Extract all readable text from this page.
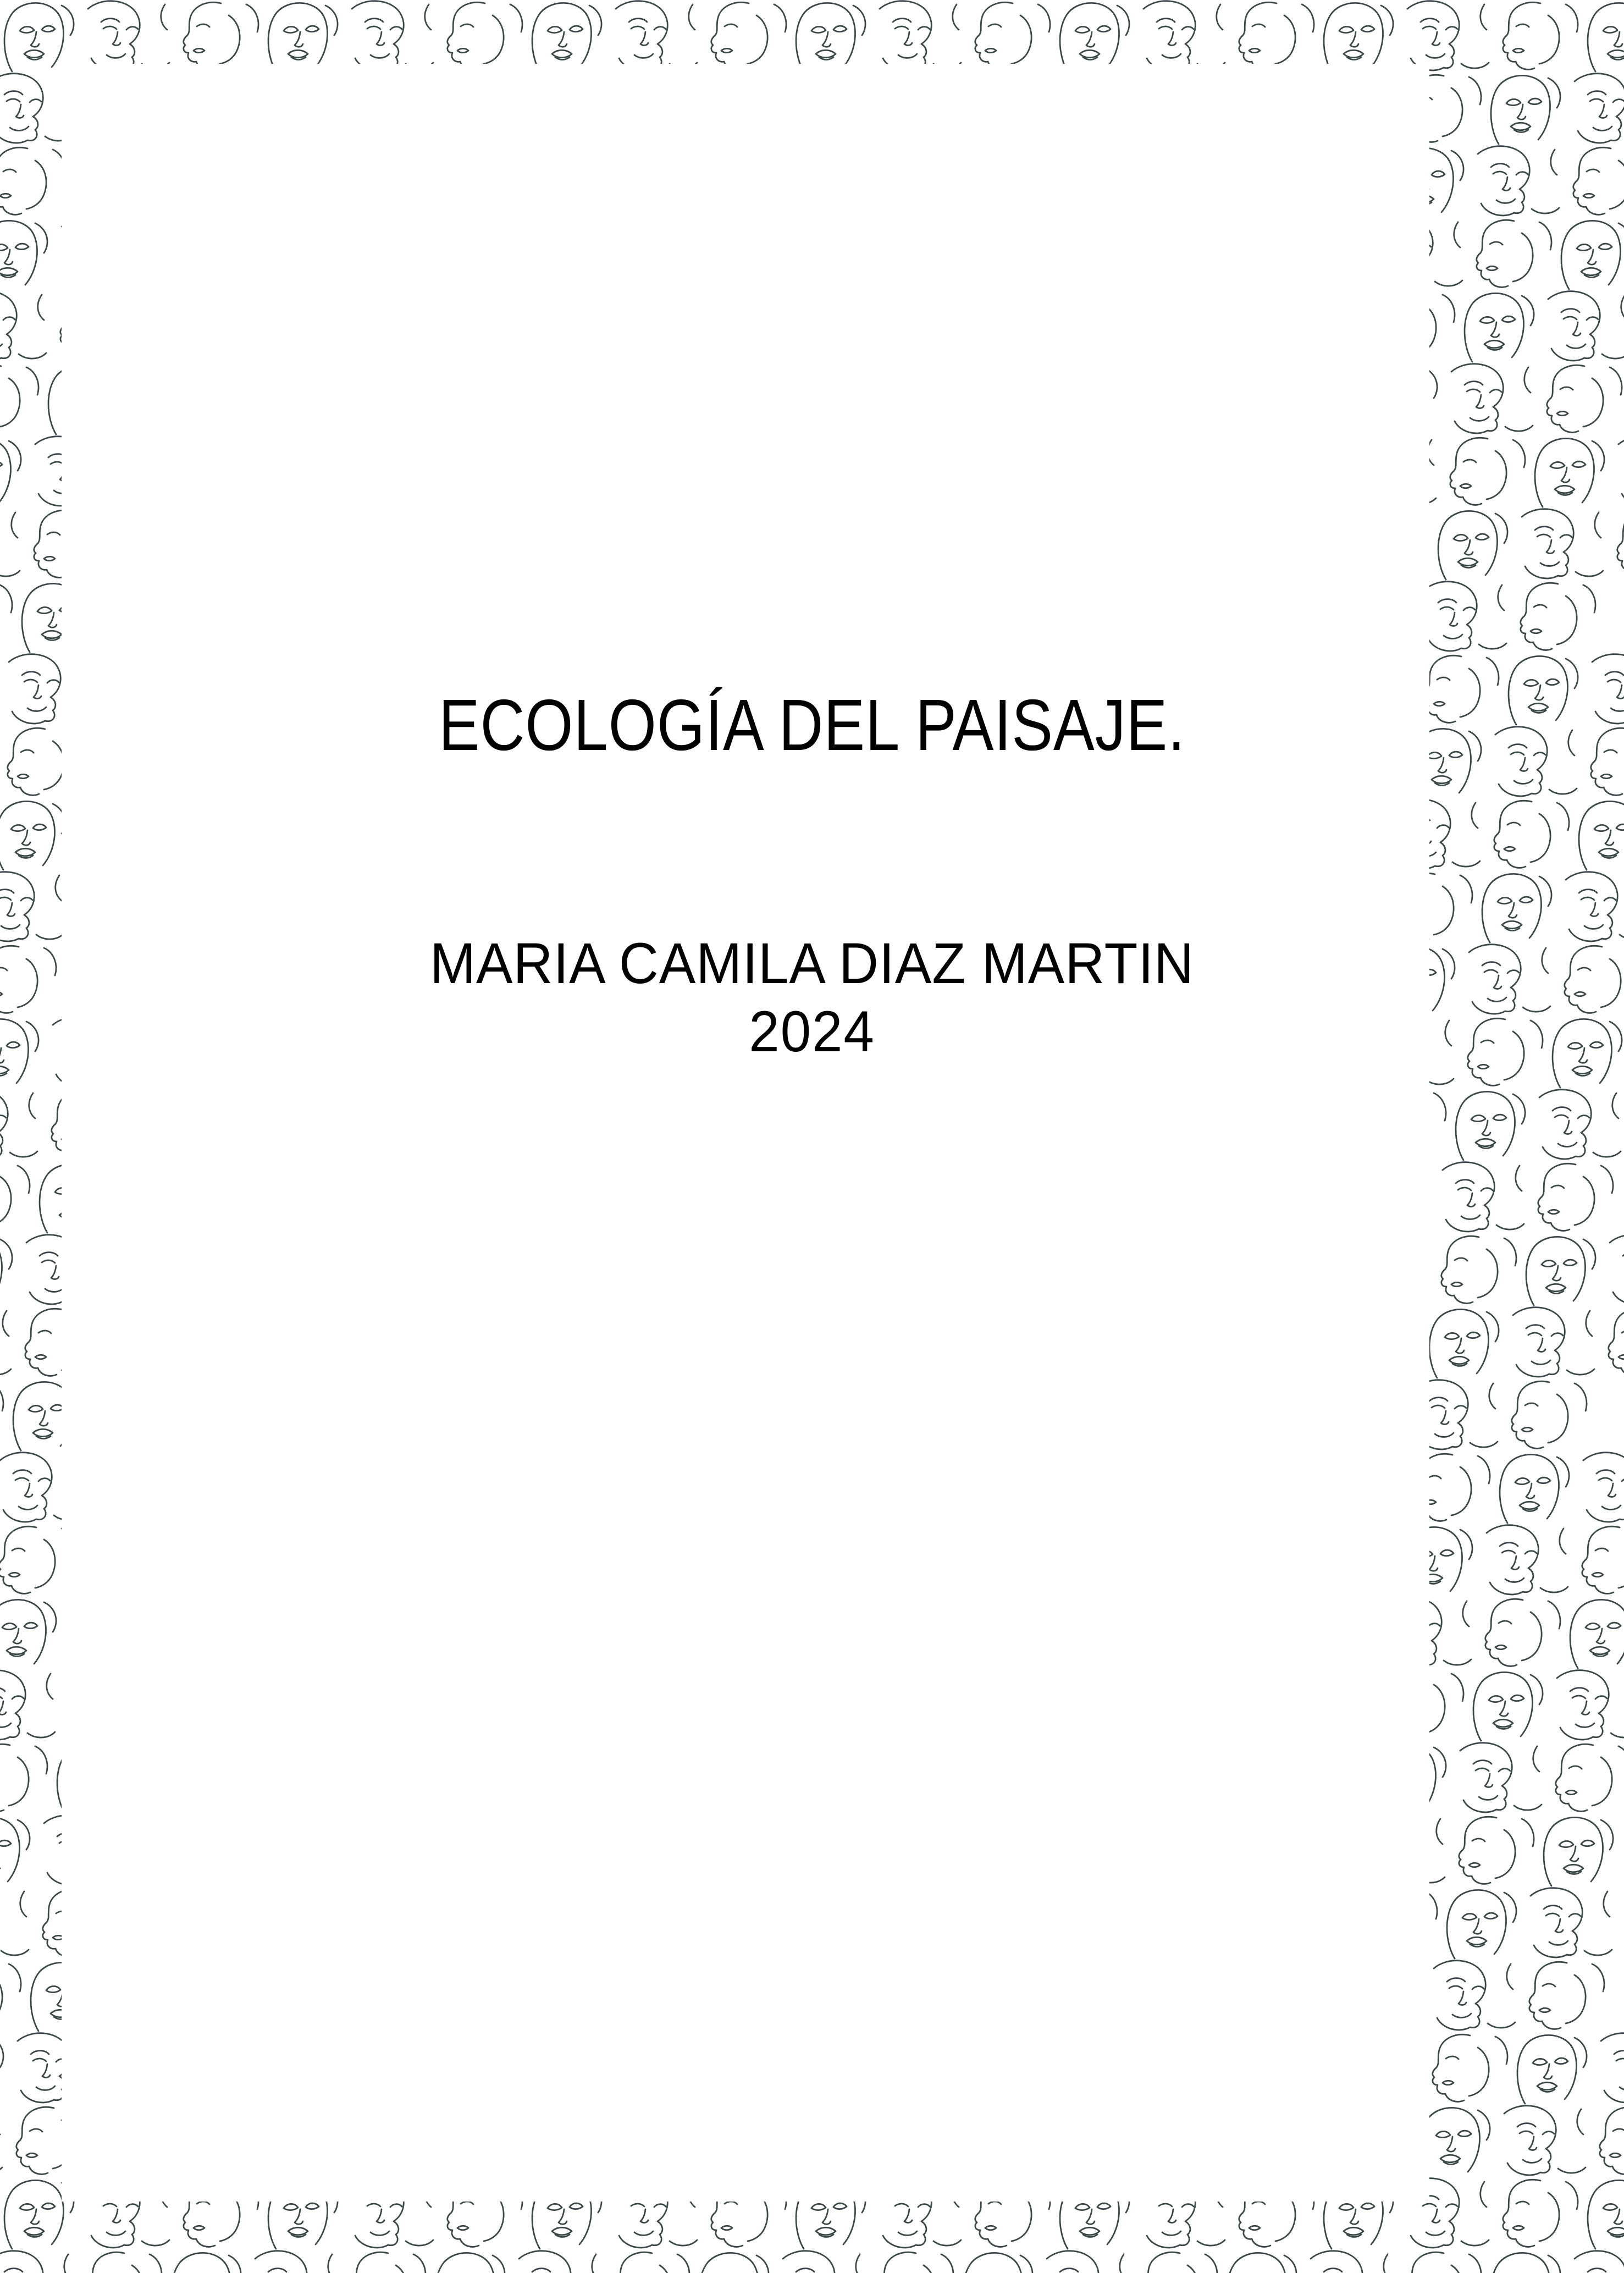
ECOLOGÍA DEL PAISAJE.
MARIA CAMILA DIAZ MARTIN
2024
